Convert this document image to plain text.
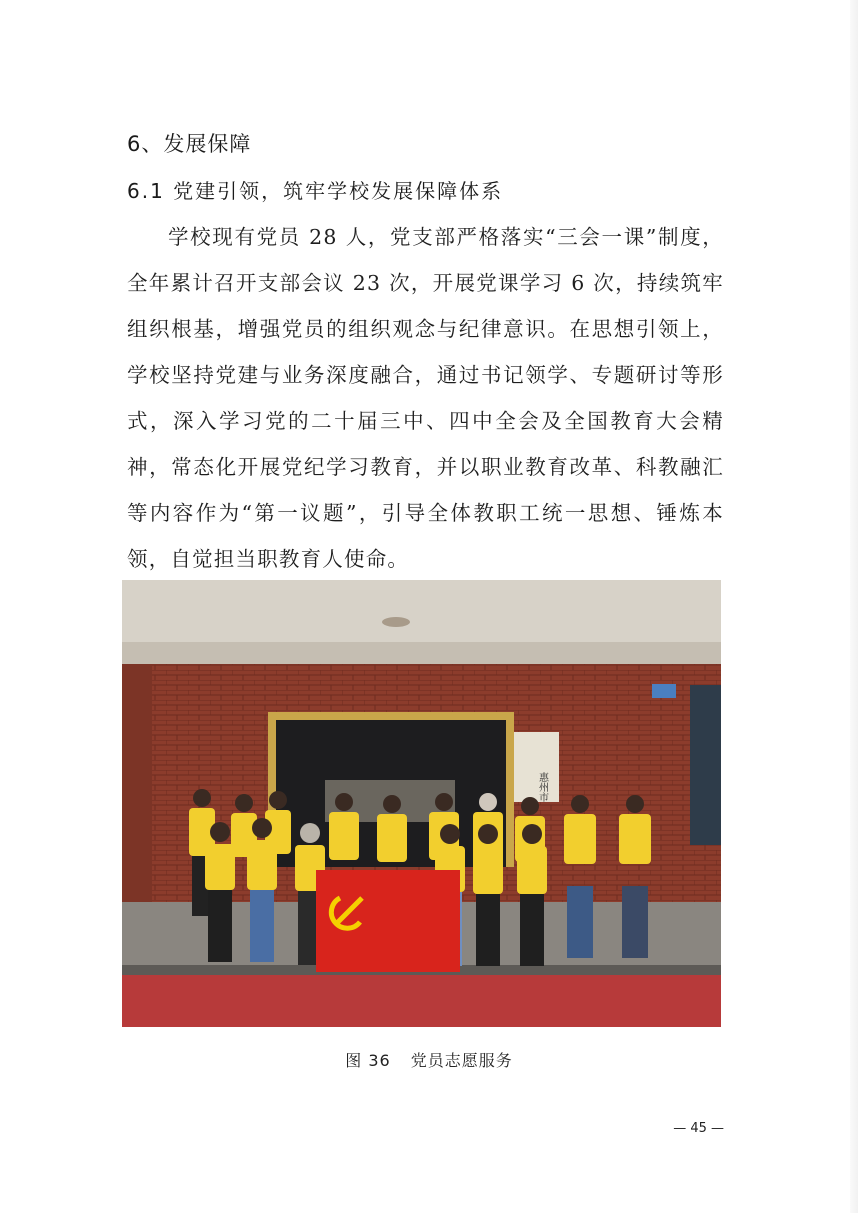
6、发展保障
6.1 党建引领，筑牢学校发展保障体系
学校现有党员 28 人，党支部严格落实“三会一课”制度，全年累计召开支部会议 23 次，开展党课学习 6 次，持续筑牢组织根基，增强党员的组织观念与纪律意识。在思想引领上，学校坚持党建与业务深度融合，通过书记领学、专题研讨等形式，深入学习党的二十届三中、四中全会及全国教育大会精神，常态化开展党纪学习教育，并以职业教育改革、科教融汇等内容作为“第一议题”，引导全体教职工统一思想、锤炼本领，自觉担当职教育人使命。
惠州市
图 36 党员志愿服务
— 45 —
